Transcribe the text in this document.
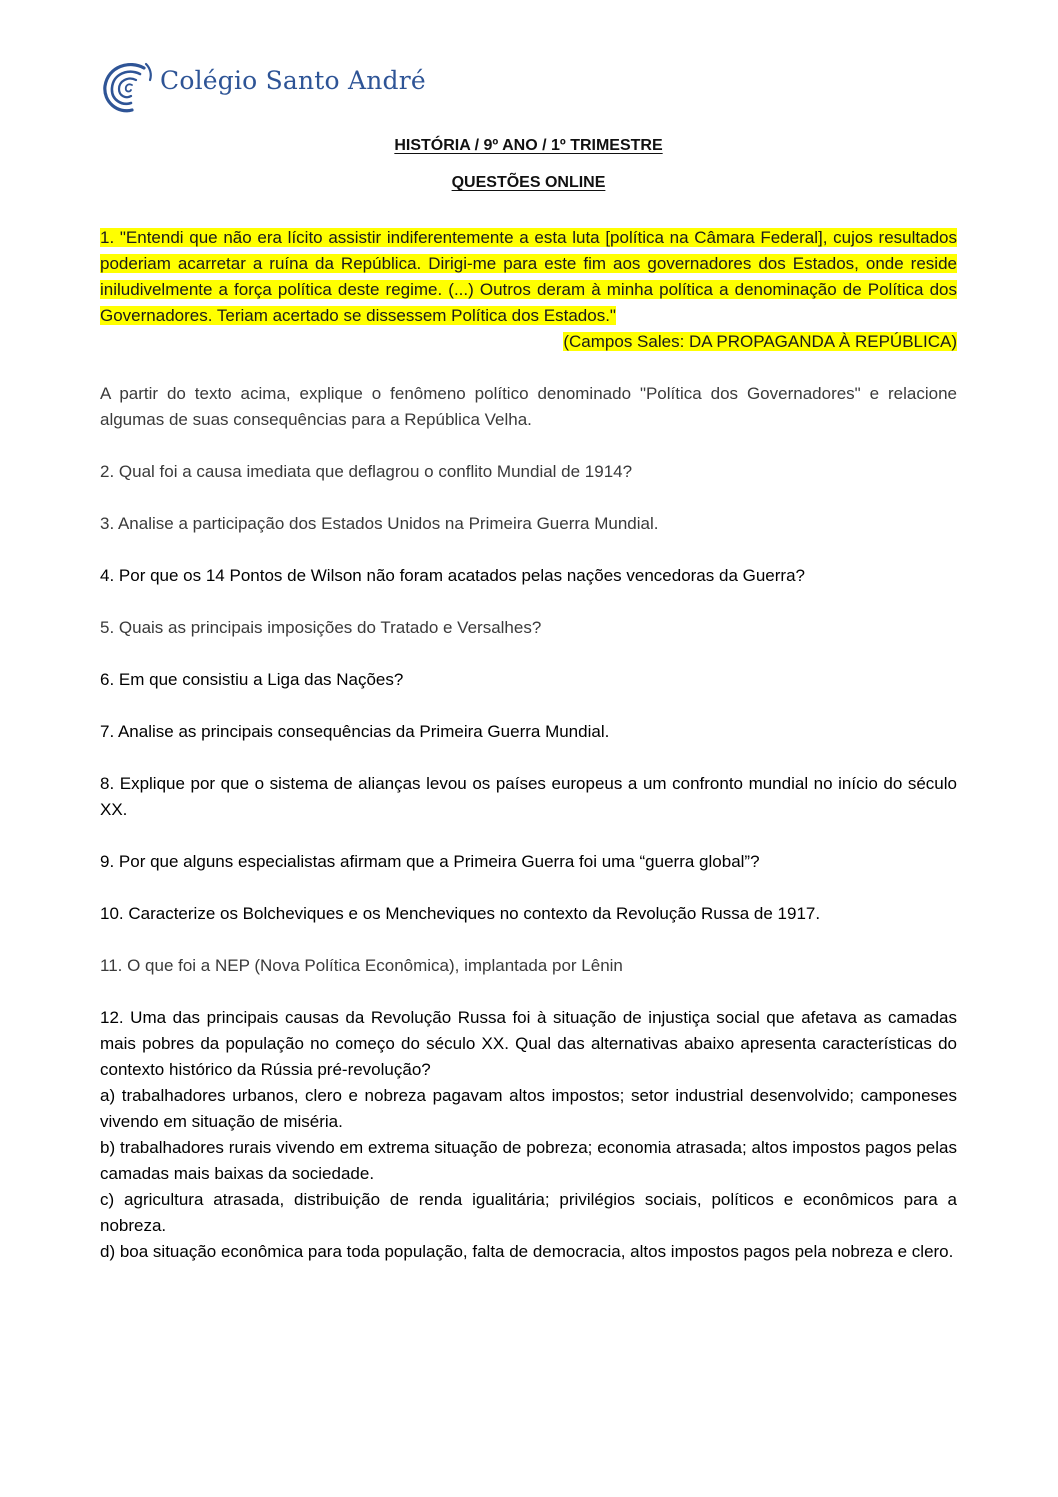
Colégio Santo André
HISTÓRIA / 9º ANO / 1º TRIMESTRE
QUESTÕES ONLINE

1. "Entendi que não era lícito assistir indiferentemente a esta luta [política na Câmara Federal], cujos resultados poderiam acarretar a ruína da República. Dirigi-me para este fim aos governadores dos Estados, onde reside iniludivelmente a força política deste regime. (...) Outros deram à minha política a denominação de Política dos Governadores. Teriam acertado se dissessem Política dos Estados."

(Campos Sales: DA PROPAGANDA À REPÚBLICA)

A partir do texto acima, explique o fenômeno político denominado "Política dos Governadores" e relacione algumas de suas consequências para a República Velha.

2. Qual foi a causa imediata que deflagrou o conflito Mundial de 1914?

3. Analise a participação dos Estados Unidos na Primeira Guerra Mundial.

4. Por que os 14 Pontos de Wilson não foram acatados pelas nações vencedoras da Guerra?

5. Quais as principais imposições do Tratado e Versalhes?

6. Em que consistiu a Liga das Nações?

7. Analise as principais consequências da Primeira Guerra Mundial.

8. Explique por que o sistema de alianças levou os países europeus a um confronto mundial no início do século XX.

9. Por que alguns especialistas afirmam que a Primeira Guerra foi uma “guerra global”?

10. Caracterize os Bolcheviques e os Mencheviques no contexto da Revolução Russa de 1917.

11. O que foi a NEP (Nova Política Econômica), implantada por Lênin

12. Uma das principais causas da Revolução Russa foi à situação de injustiça social que afetava as camadas mais pobres da população no começo do século XX. Qual das alternativas abaixo apresenta características do contexto histórico da Rússia pré-revolução?

a) trabalhadores urbanos, clero e nobreza pagavam altos impostos; setor industrial desenvolvido; camponeses vivendo em situação de miséria.

b) trabalhadores rurais vivendo em extrema situação de pobreza; economia atrasada; altos impostos pagos pelas camadas mais baixas da sociedade.

c) agricultura atrasada, distribuição de renda igualitária; privilégios sociais, políticos e econômicos para a nobreza.

d) boa situação econômica para toda população, falta de democracia, altos impostos pagos pela nobreza e clero.
